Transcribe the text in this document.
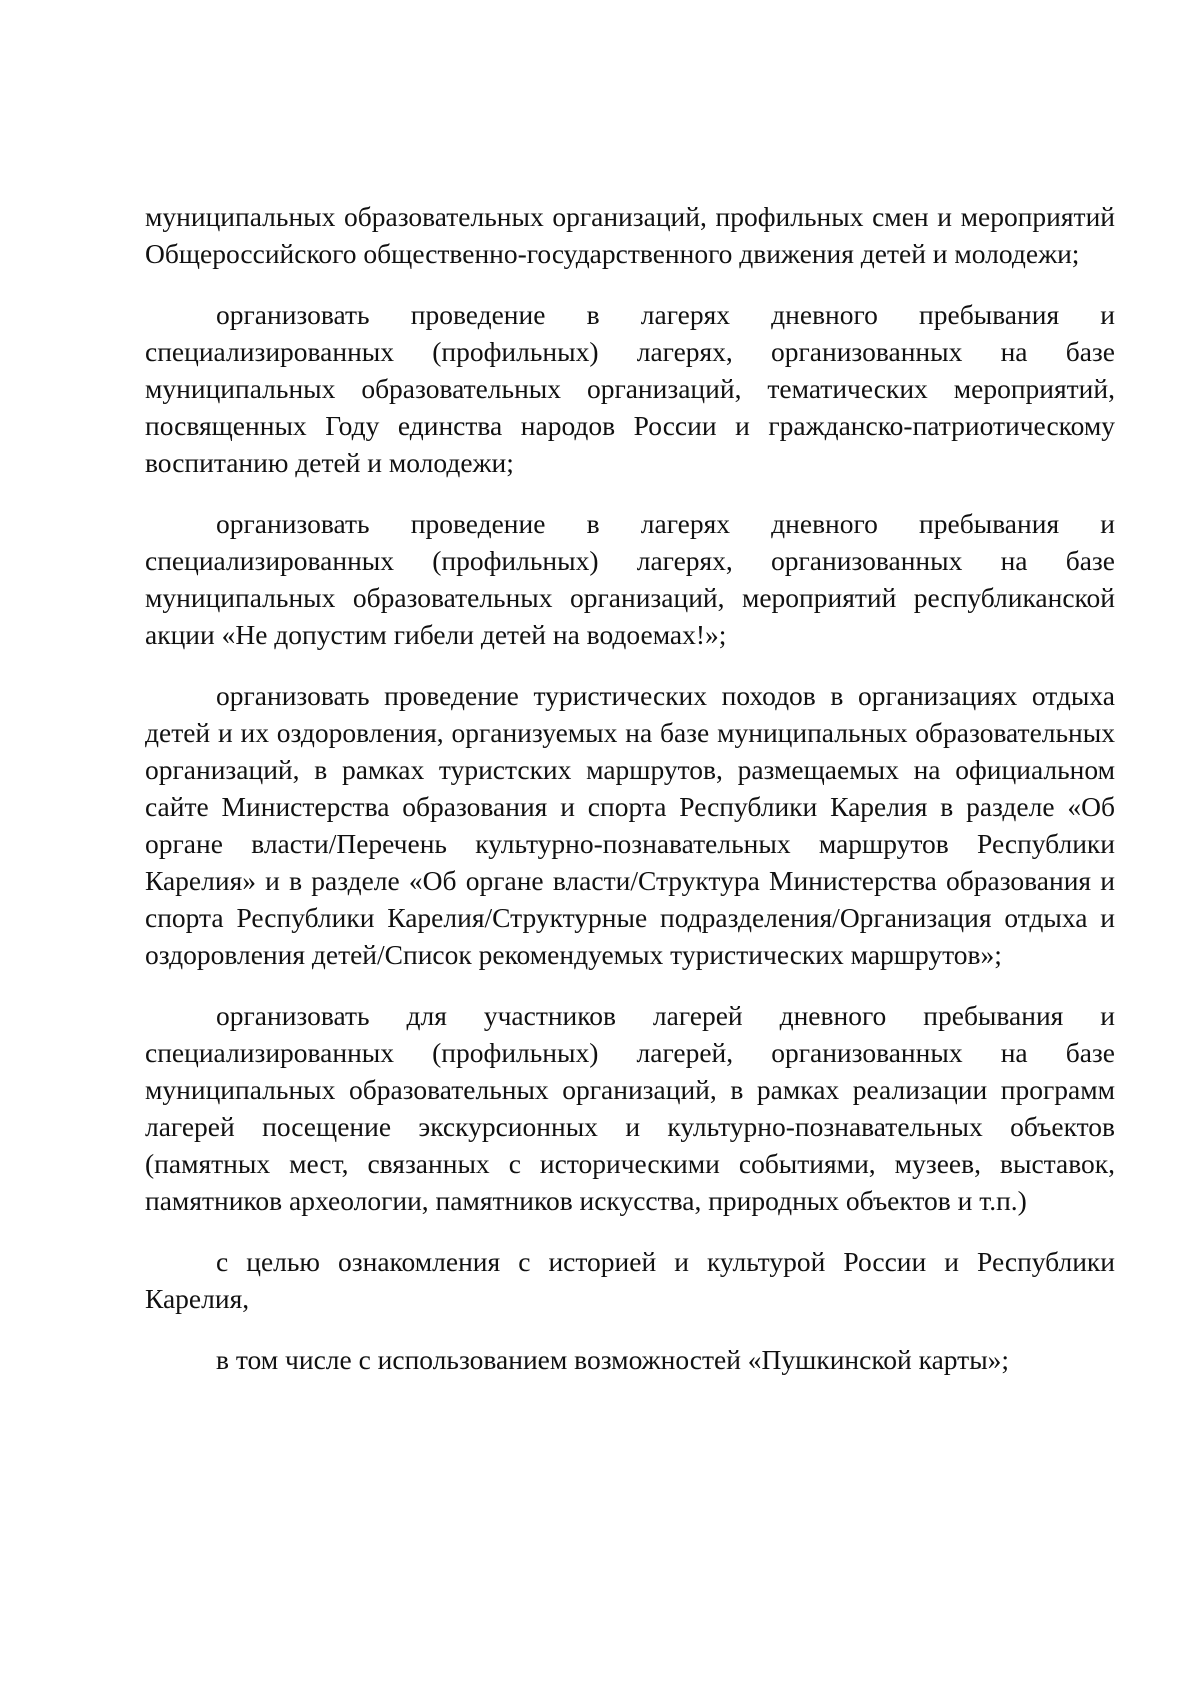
муниципальных образовательных организаций, профильных смен и мероприятий Общероссийского общественно-государственного движения детей и молодежи;

организовать проведение в лагерях дневного пребывания и специализированных (профильных) лагерях, организованных на базе муниципальных образовательных организаций, тематических мероприятий, посвященных Году единства народов России и гражданско-патриотическому воспитанию детей и молодежи;

организовать проведение в лагерях дневного пребывания и специализированных (профильных) лагерях, организованных на базе муниципальных образовательных организаций, мероприятий республиканской акции «Не допустим гибели детей на водоемах!»;

организовать проведение туристических походов в организациях отдыха детей и их оздоровления, организуемых на базе муниципальных образовательных организаций, в рамках туристских маршрутов, размещаемых на официальном сайте Министерства образования и спорта Республики Карелия в разделе «Об органе власти/Перечень культурно-познавательных маршрутов Республики Карелия» и в разделе «Об органе власти/Структура Министерства образования и спорта Республики Карелия/Структурные подразделения/Организация отдыха и оздоровления детей/Список рекомендуемых туристических маршрутов»;

организовать для участников лагерей дневного пребывания и специализированных (профильных) лагерей, организованных на базе муниципальных образовательных организаций, в рамках реализации программ лагерей посещение экскурсионных и культурно-познавательных объектов (памятных мест, связанных с историческими событиями, музеев, выставок, памятников археологии, памятников искусства, природных объектов и т.п.)

с целью ознакомления с историей и культурой России и Республики Карелия,

в том числе с использованием возможностей «Пушкинской карты»;
